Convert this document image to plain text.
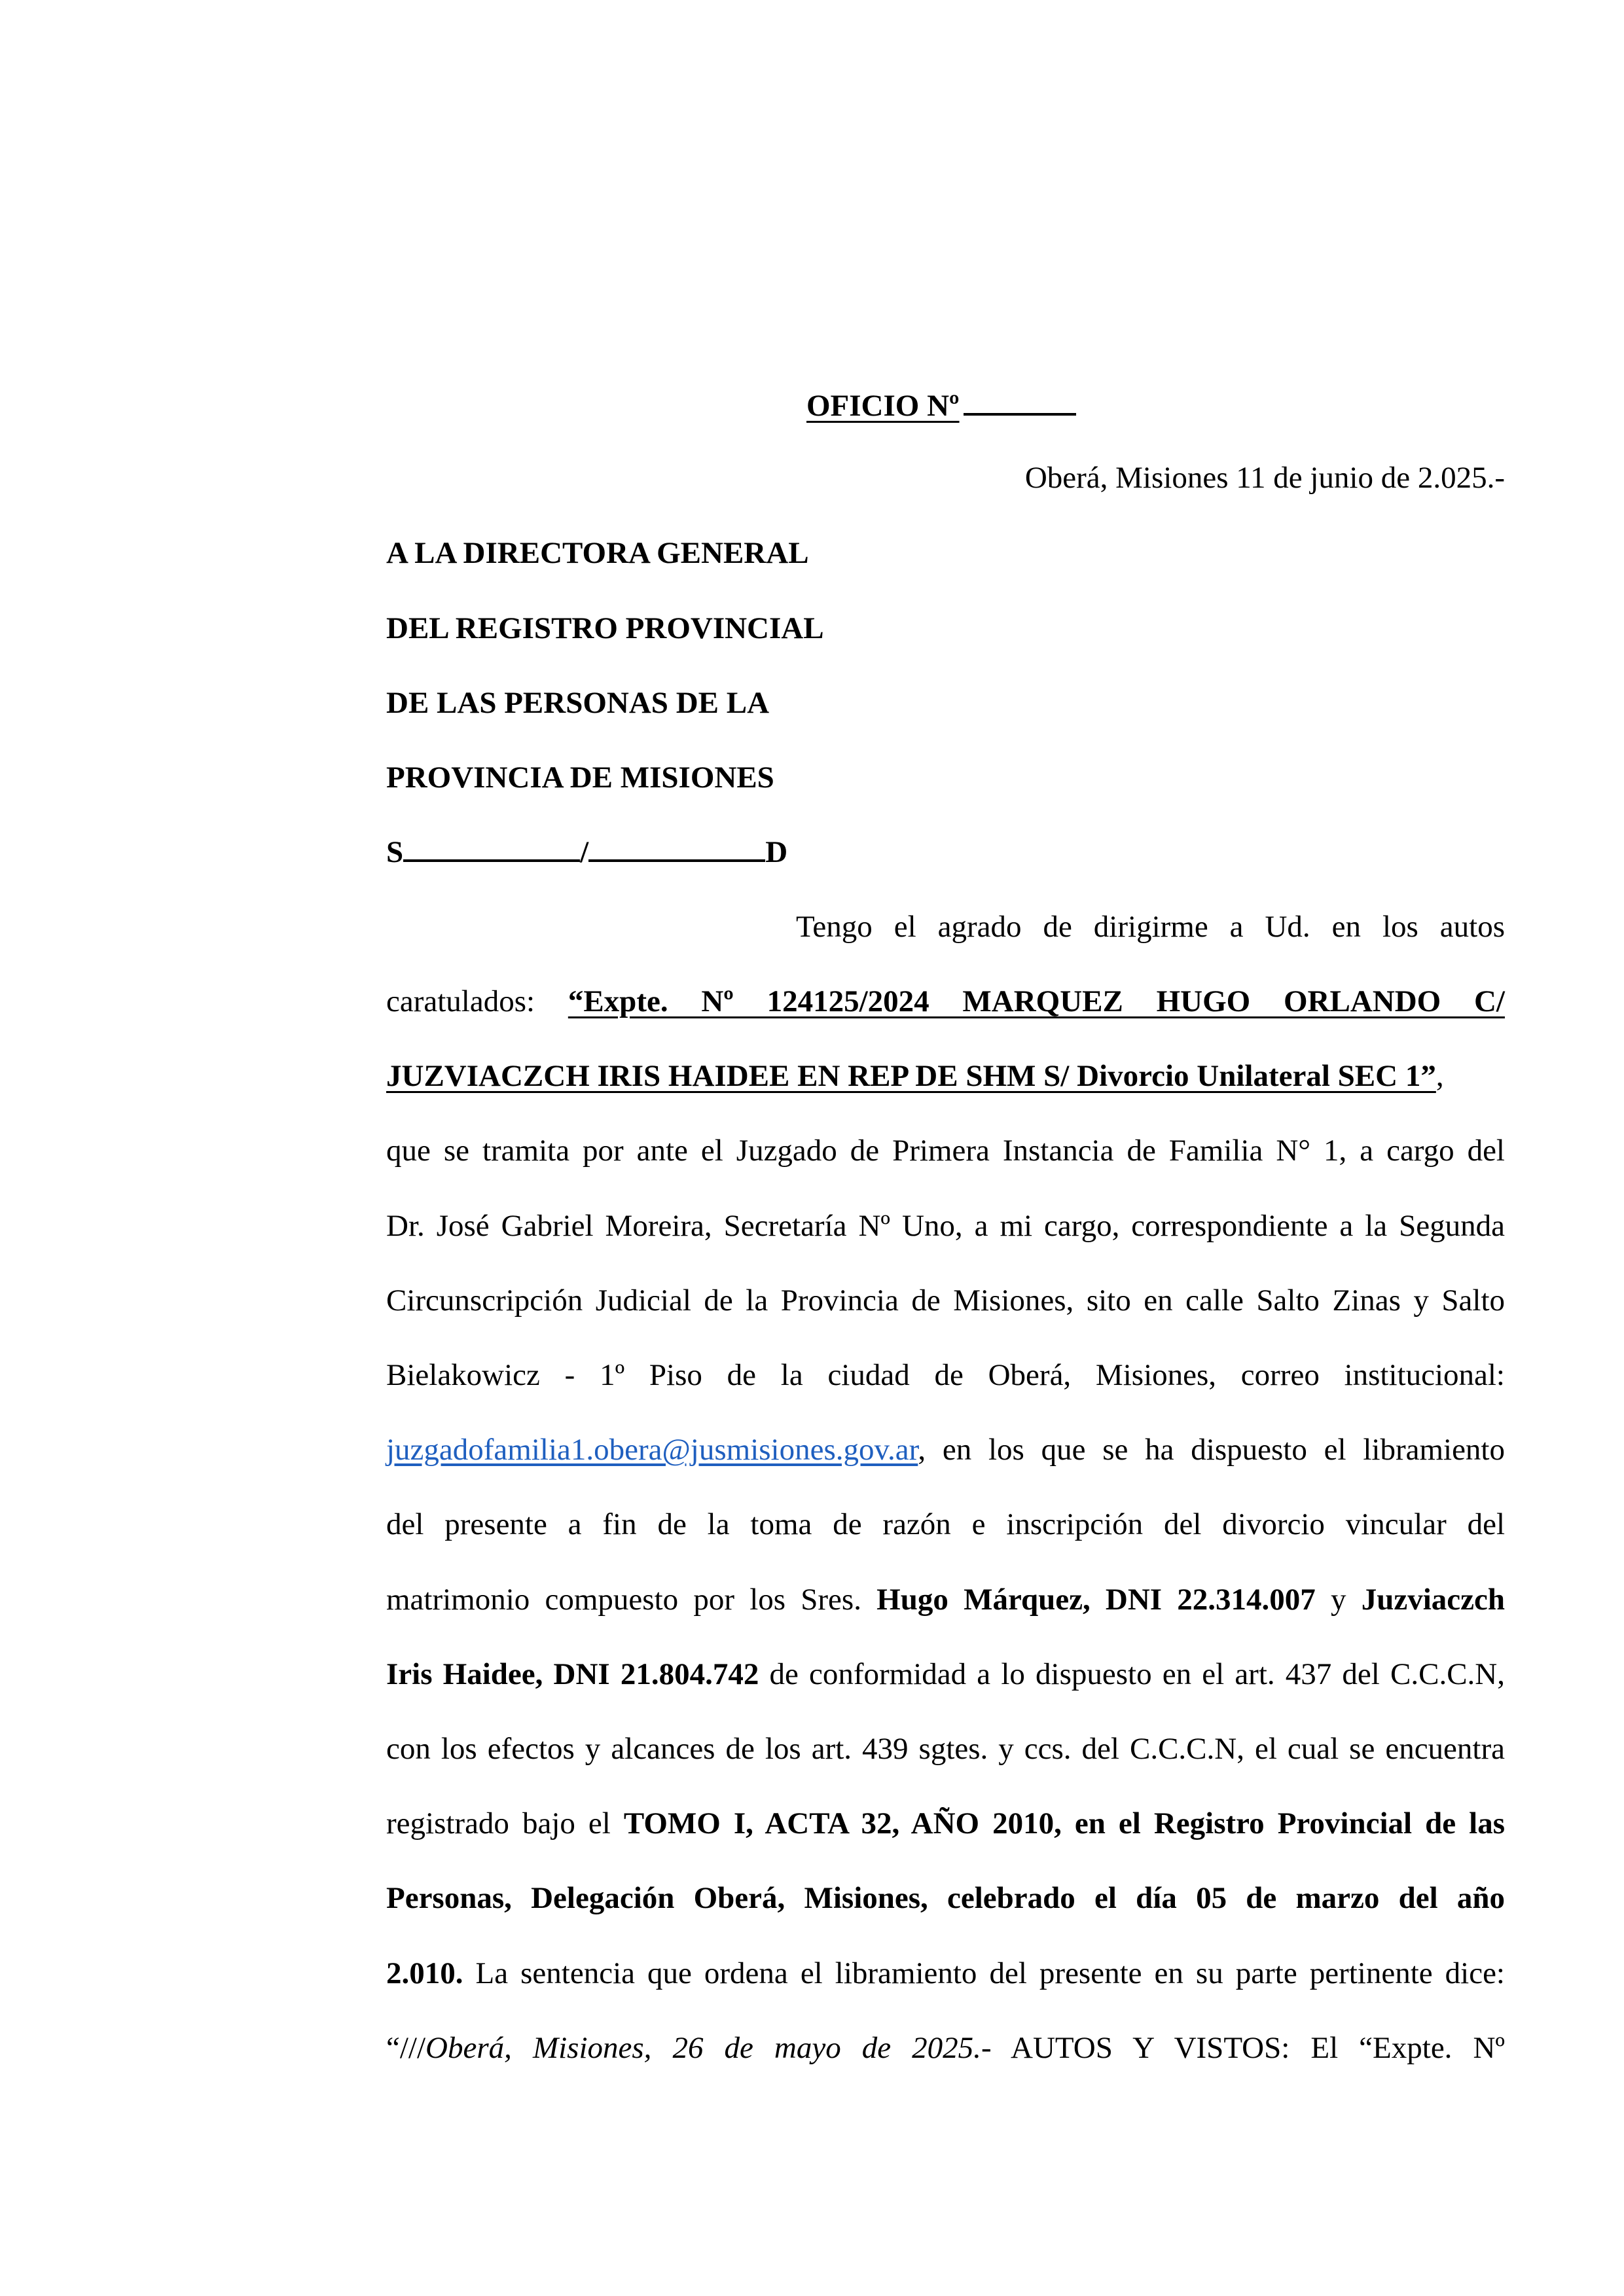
OFICIO Nº
Oberá, Misiones 11 de junio de 2.025.-
A LA DIRECTORA GENERAL
DEL REGISTRO PROVINCIAL
DE LAS PERSONAS DE LA
PROVINCIA DE MISIONES
S	/	D
Tengo el agrado de dirigirme a Ud. en los autos
caratulados: “Expte. Nº 124125/2024 MARQUEZ HUGO ORLANDO C/
JUZVIACZCH IRIS HAIDEE EN REP DE SHM S/ Divorcio Unilateral SEC 1”,
que se tramita por ante el Juzgado de Primera Instancia de Familia N° 1, a cargo del
Dr. José Gabriel Moreira, Secretaría Nº Uno, a mi cargo, correspondiente a la Segunda
Circunscripción Judicial de la Provincia de Misiones, sito en calle Salto Zinas y Salto
Bielakowicz - 1º Piso de la ciudad de Oberá, Misiones, correo institucional:
juzgadofamilia1.obera@jusmisiones.gov.ar, en los que se ha dispuesto el libramiento
del presente a fin de la toma de razón e inscripción del divorcio vincular del
matrimonio compuesto por los Sres. Hugo Márquez, DNI 22.314.007 y Juzviaczch
Iris Haidee, DNI 21.804.742 de conformidad a lo dispuesto en el art. 437 del C.C.C.N,
con los efectos y alcances de los art. 439 sgtes. y ccs. del C.C.C.N, el cual se encuentra
registrado bajo el TOMO I, ACTA 32, AÑO 2010, en el Registro Provincial de las
Personas, Delegación Oberá, Misiones, celebrado el día 05 de marzo del año
2.010. La sentencia que ordena el libramiento del presente en su parte pertinente dice:
“///Oberá, Misiones, 26 de mayo de 2025.- AUTOS Y VISTOS: El “Expte. Nº
